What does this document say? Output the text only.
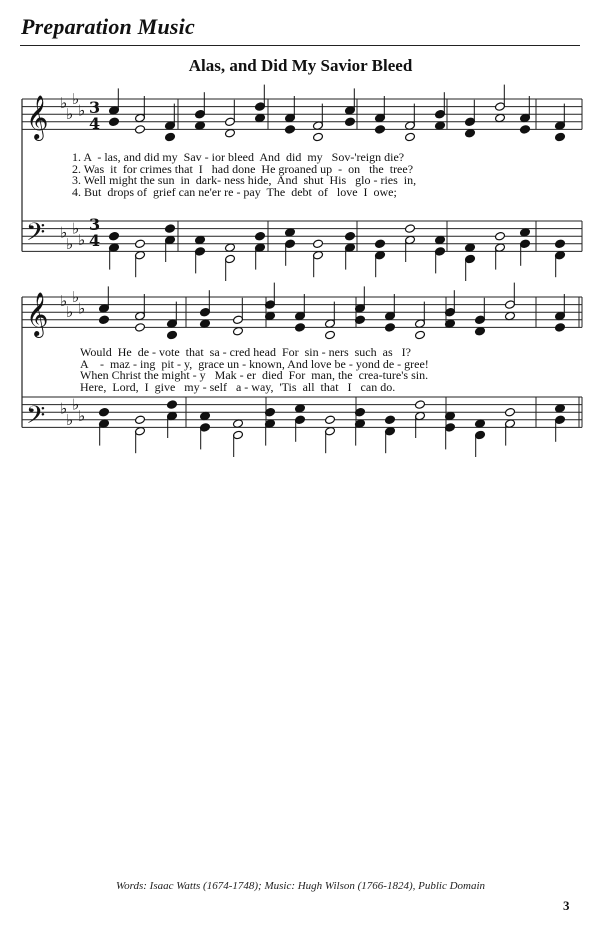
Preparation Music
Alas, and Did My Savior Bleed
𝄞
𝄢
𝄞
𝄢
3
4
3
4
♭
♭
♭
♭
♭
♭
♭
♭
♭
♭
♭
♭
♭
♭
♭
♭
1. A  - las, and did my  Sav - ior bleed  And  did  my   Sov-'reign die?
2. Was  it  for crimes that  I   had done  He groaned up  -  on   the  tree?
3. Well might the sun  in  dark- ness hide,  And  shut  His   glo - ries  in,
4. But  drops of  grief can ne'er re - pay  The  debt  of   love  I  owe;
Would  He  de - vote  that  sa - cred head  For  sin - ners  such  as   I?
A    -  maz - ing  pit - y,  grace un - known, And love be - yond de - gree!
When Christ the might - y   Mak - er  died  For  man, the  crea-ture's sin.
Here,  Lord,  I  give   my - self   a - way,  'Tis  all  that   I   can do.
Words: Isaac Watts (1674-1748); Music: Hugh Wilson (1766-1824), Public Domain
3
